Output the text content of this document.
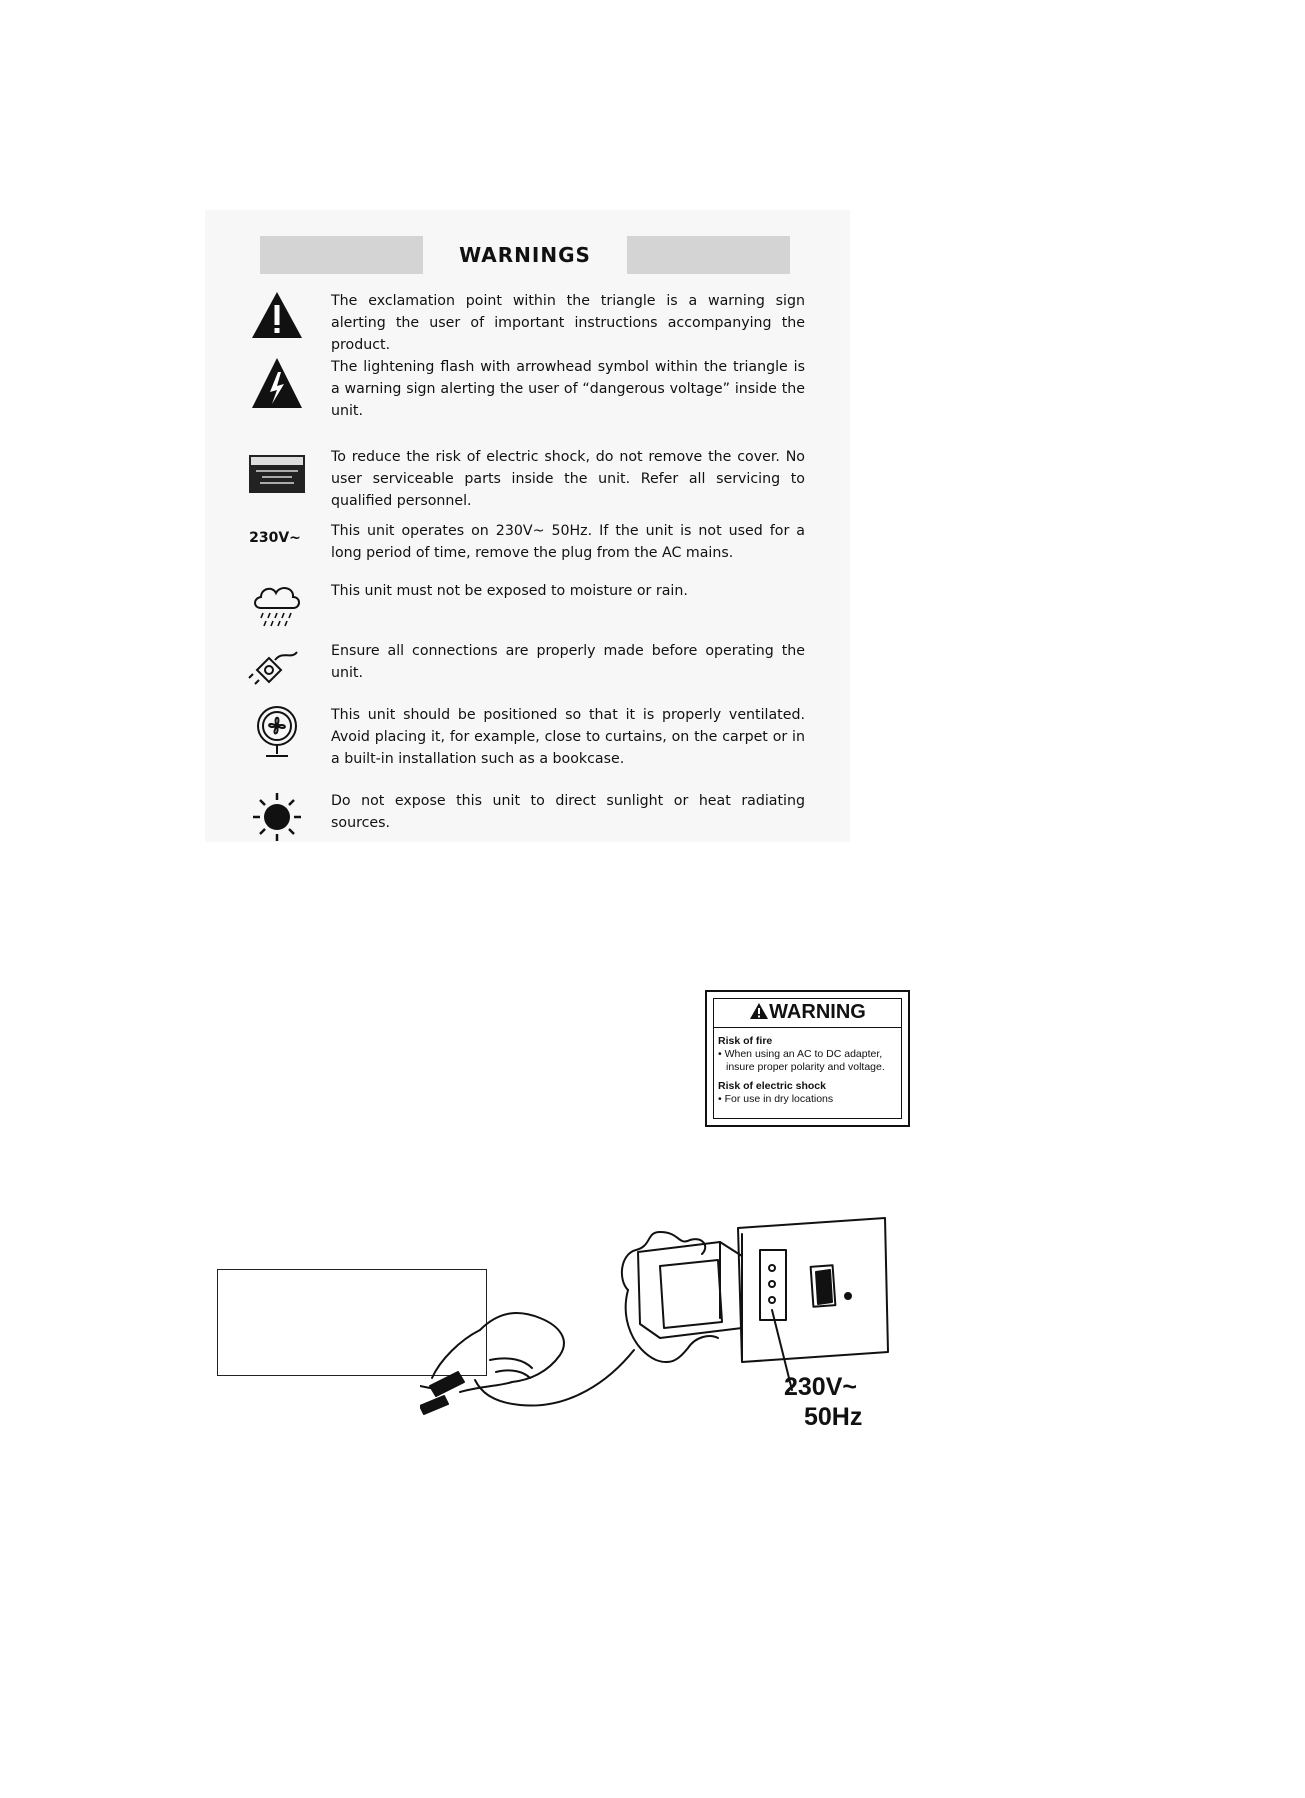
WARNINGS
The exclamation point within the triangle is a warning sign alerting the user of important instructions accompanying the product.
The lightening flash with arrowhead symbol within the triangle is a warning sign alerting the user of “dangerous voltage” inside the unit.
To reduce the risk of electric shock, do not remove the cover. No user serviceable parts inside the unit. Refer all servicing to qualified personnel.
230V~ This unit operates on 230V~ 50Hz. If the unit is not used for a long period of time, remove the plug from the AC mains.
This unit must not be exposed to moisture or rain.
Ensure all connections are properly made before operating the unit.
This unit should be positioned so that it is properly ventilated. Avoid placing it, for example, close to curtains, on the carpet or in a built-in installation such as a bookcase.
Do not expose this unit to direct sunlight or heat radiating sources.
WARNING
Risk of fire
• When using an AC to DC adapter, insure proper polarity and voltage.
Risk of electric shock
• For use in dry locations
230V~
50Hz
